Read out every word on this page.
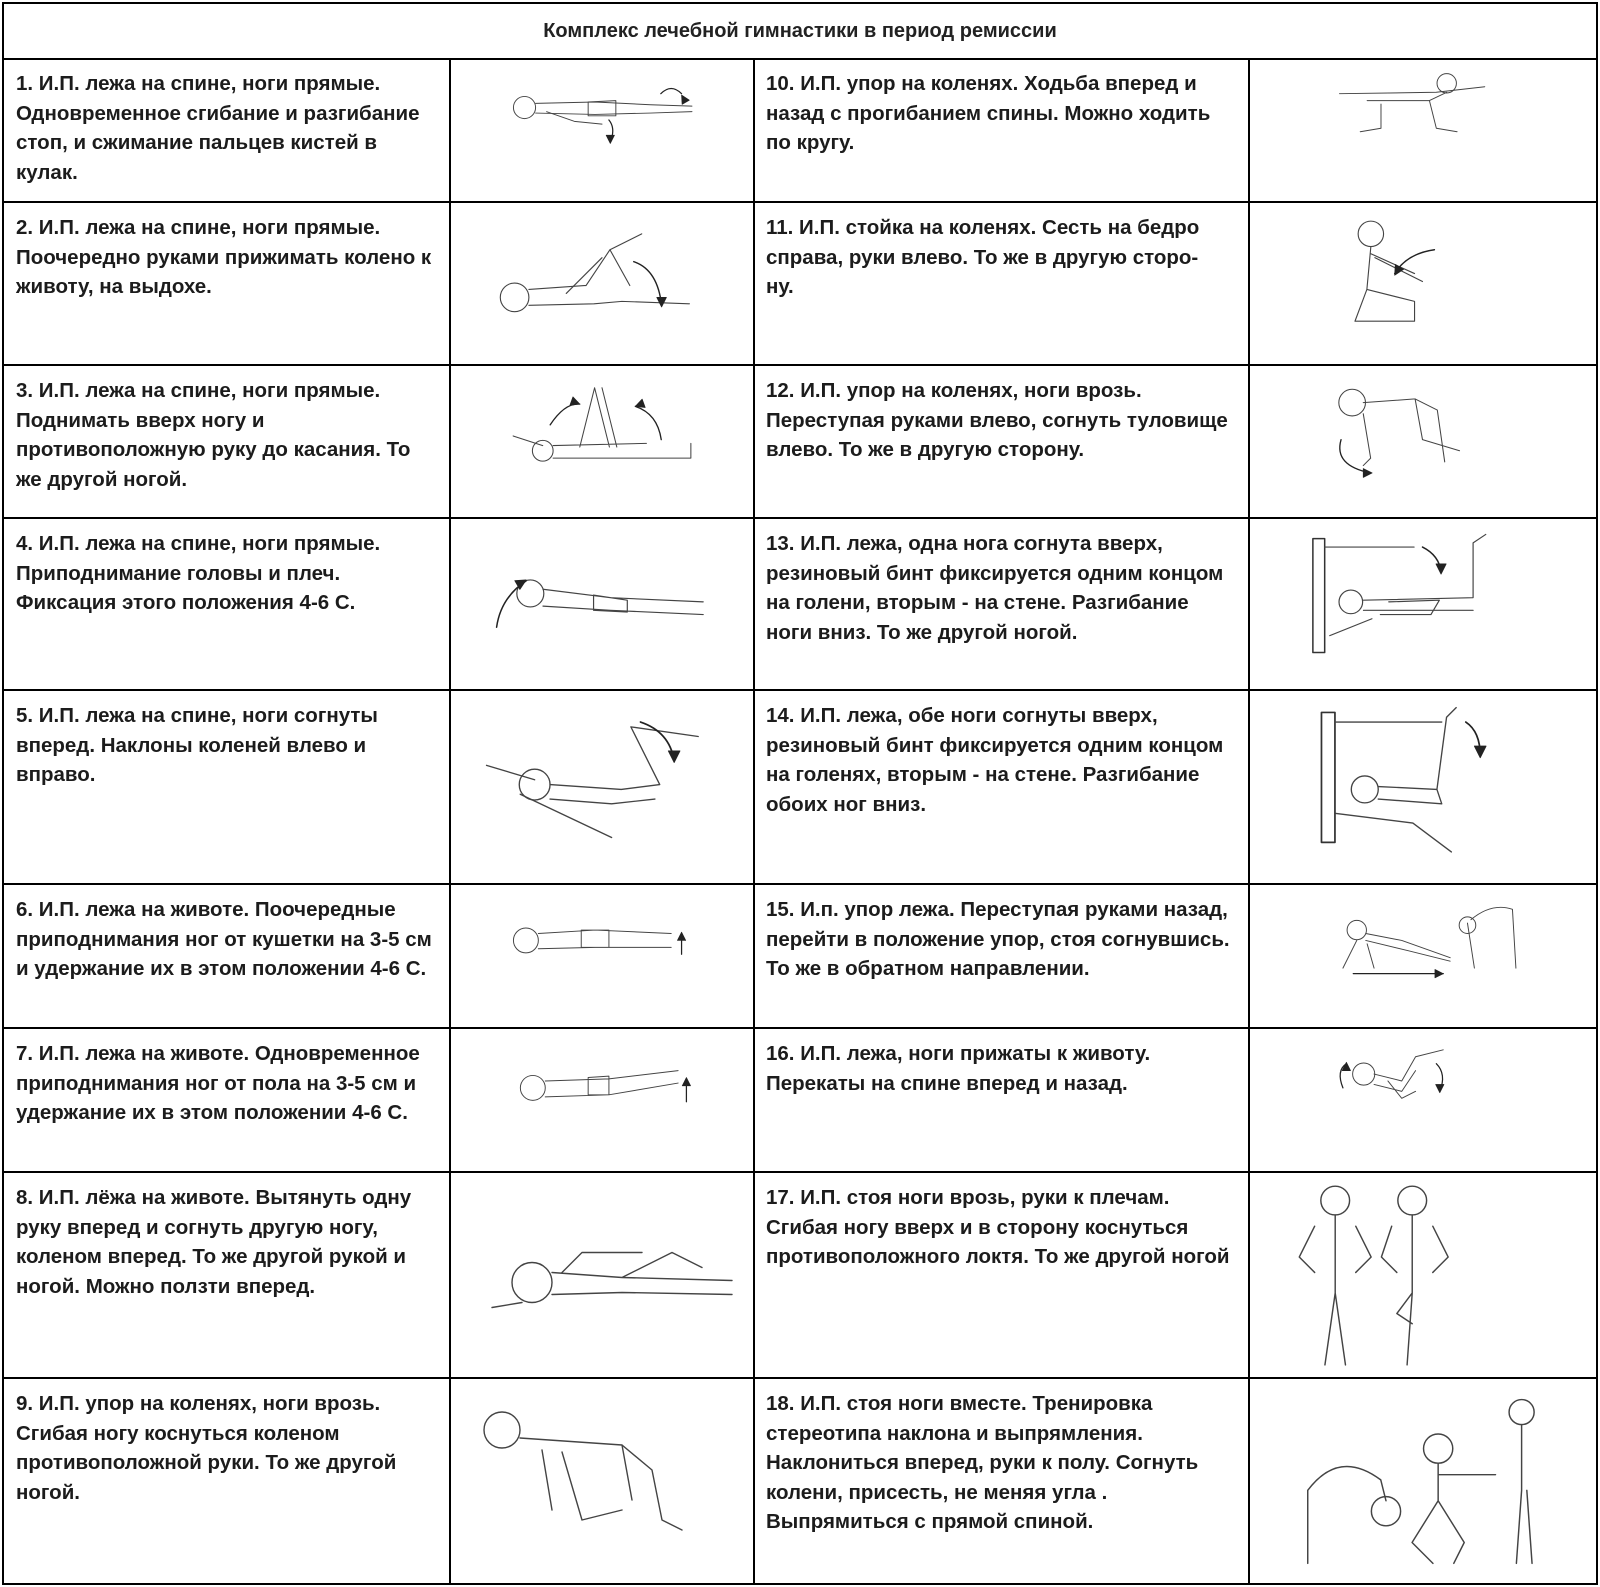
Комплекс лечебной гимнастики в период ремиссии
1. И.П. лежа на спине, ноги прямые. Одновременное сгибание и разгибание стоп, и сжимание пальцев кистей в кулак.
2. И.П. лежа на спине, ноги прямые. Поочередно руками прижимать колено к животу, на выдохе.
3. И.П. лежа на спине, ноги прямые. Поднимать вверх ногу и противоположную руку до касания. То же другой ногой.
4. И.П. лежа на спине, ноги прямые. Приподнимание головы и плеч. Фиксация этого положения 4-6 С.
5. И.П. лежа на спине, ноги согнуты вперед. Наклоны коленей влево и вправо.
6. И.П. лежа на животе. Поочередные приподнимания ног от кушетки на 3-5 см и удержание их в этом положении 4-6 С.
7. И.П. лежа на животе. Одновременное приподнимания ног от пола на 3-5 см и удержание их в этом положении 4-6 С.
8. И.П. лёжа на животе. Вытянуть одну руку вперед и согнуть другую ногу, коленом вперед. То же другой рукой и ногой. Можно ползти вперед.
9. И.П. упор на коленях, ноги врозь. Сгибая ногу коснуться коленом противоположной руки. То же другой ногой.
10. И.П. упор на коленях. Ходьба вперед и назад с прогибанием спины. Можно ходить по кругу.
11. И.П. стойка на коленях. Сесть на бедро справа, руки влево. То же в другую сторо-
ну.
12. И.П. упор на коленях, ноги врозь. Переступая руками влево, согнуть туловище влево. То же в другую сторону.
13. И.П. лежа, одна нога согнута вверх, резиновый бинт фиксируется одним концом на голени, вторым - на стене. Разгибание ноги вниз. То же другой ногой.
14. И.П. лежа, обе ноги согнуты вверх, резиновый бинт фиксируется одним концом на голенях, вторым - на стене. Разгибание обоих ног вниз.
15. И.п. упор лежа. Переступая руками назад, перейти в положение упор, стоя согнувшись. То же в обратном направлении.
16. И.П. лежа, ноги прижаты к животу. Перекаты на спине вперед и назад.
17. И.П. стоя ноги врозь, руки к плечам. Сгибая ногу вверх и в сторону коснуться противоположного локтя. То же другой ногой
18. И.П. стоя ноги вместе. Тренировка стереотипа наклона и выпрямления. Наклониться вперед, руки к полу. Согнуть колени, присесть, не меняя угла . Выпрямиться с прямой спиной.
